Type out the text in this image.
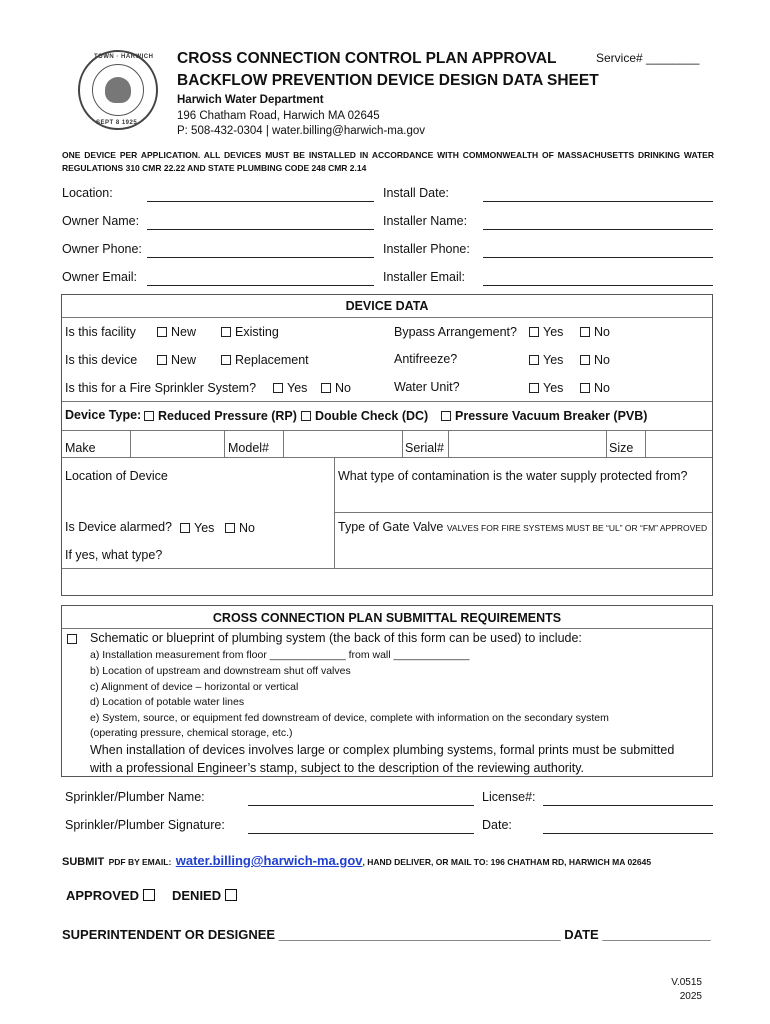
TOWN · HARWICH
SEPT 8 1925
CROSS CONNECTION CONTROL PLAN APPROVAL
BACKFLOW PREVENTION DEVICE DESIGN DATA SHEET
Service# ________
Harwich Water Department
196 Chatham Road, Harwich MA 02645
P: 508-432-0304 | water.billing@harwich-ma.gov
ONE DEVICE PER APPLICATION. ALL DEVICES MUST BE INSTALLED IN ACCORDANCE WITH COMMONWEALTH OF MASSACHUSETTS DRINKING WATER REGULATIONS 310 CMR 22.22 AND STATE PLUMBING CODE 248 CMR 2.14
Location:	Install Date:
Owner Name:	Installer Name:
Owner Phone:	Installer Phone:
Owner Email:	Installer Email:
DEVICE DATA
Is this facility	New	Existing	Bypass Arrangement?	Yes	No
Is this device	New	Replacement	Antifreeze?	Yes	No
Is this for a Fire Sprinkler System?	Yes	No	Water Unit?	Yes	No
Device Type:	Reduced Pressure (RP)	Double Check (DC)	Pressure Vacuum Breaker (PVB)
Make	Model#	Serial#	Size
Location of Device	What type of contamination is the water supply protected from?
Is Device alarmed?	Yes	No	Type of Gate Valve VALVES FOR FIRE SYSTEMS MUST BE “UL” OR “FM” APPROVED
If yes, what type?
CROSS CONNECTION PLAN SUBMITTAL REQUIREMENTS
Schematic or blueprint of plumbing system (the back of this form can be used) to include:
a) Installation measurement from floor _____________ from wall _____________
b) Location of upstream and downstream shut off valves
c) Alignment of device – horizontal or vertical
d) Location of potable water lines
e) System, source, or equipment fed downstream of device, complete with information on the secondary system
(operating pressure, chemical storage, etc.)
When installation of devices involves large or complex plumbing systems, formal prints must be submitted
with a professional Engineer’s stamp, subject to the description of the reviewing authority.
Sprinkler/Plumber Name:	License#:
Sprinkler/Plumber Signature:	Date:
SUBMIT PDF BY EMAIL: water.billing@harwich-ma.gov, HAND DELIVER, OR MAIL TO: 196 CHATHAM RD, HARWICH MA 02645
APPROVED	DENIED
SUPERINTENDENT OR DESIGNEE _______________________________________ DATE _______________
V.0515
2025
